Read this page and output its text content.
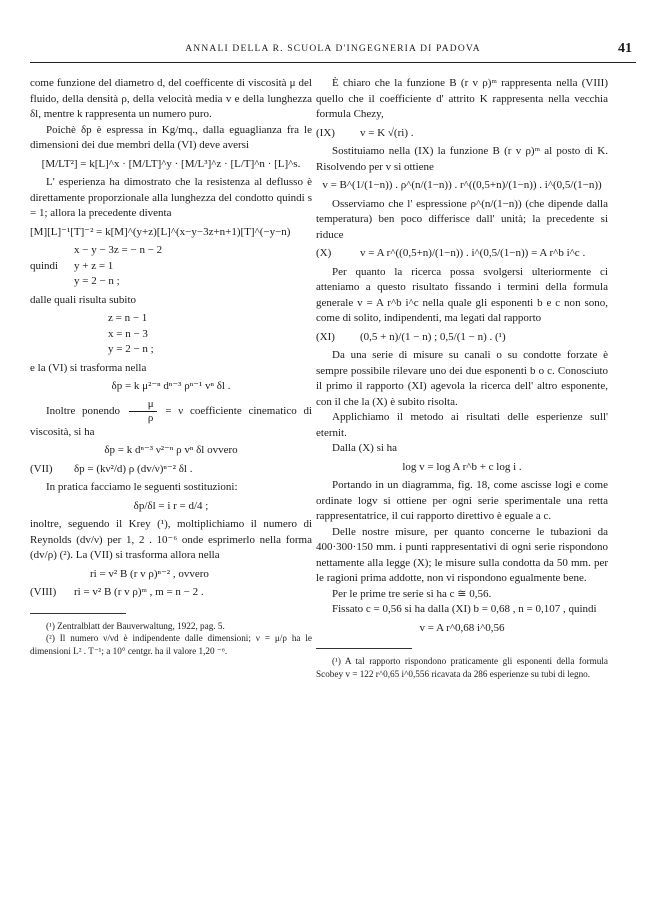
ANNALI DELLA R. SCUOLA D'INGEGNERIA DI PADOVA	41

come funzione del diametro d, del coefficente di viscosità μ del fluido, della densità ρ, della velocità media v e della lunghezza δl, mentre k rappresenta un numero puro.

Poichè δp è espressa in Kg/mq., dalla eguaglianza fra le dimensioni dei due membri della (VI) deve aversi

[M/LT²] = k[L]^x · [M/LT]^y · [M/L³]^z · [L/T]^n · [L]^s.

L' esperienza ha dimostrato che la resistenza al deflusso è direttamente proporzionale alla lunghezza del condotto quindi s = 1; allora la precedente diventa

[M][L]⁻¹[T]⁻² = k[M]^(y+z)[L]^(x−y−3z+n+1)[T]^(−y−n)
quindi
x − y − 3z = − n − 2
y + z = 1
y = 2 − n ;

dalle quali risulta subito

z = n − 1
x = n − 3
y = 2 − n ;

e la (VI) si trasforma nella

δp = k μ²⁻ⁿ dⁿ⁻³ ρⁿ⁻¹ vⁿ δl .

Inoltre ponendo $\frac{\mu}{\rho} = \nu$ coefficiente cinematico di viscosità, si ha

δp = k dⁿ⁻³ ν²⁻ⁿ ρ vⁿ δl ovvero
(VII)	δp = (kν²/d) ρ (dv/ν)ⁿ⁻² δl .

In pratica facciamo le seguenti sostituzioni:

δp/δl = i r = d/4 ;

inoltre, seguendo il Krey (¹), moltiplichiamo il numero di Reynolds (dv/ν) per 1, 2 . 10⁻⁶ onde esprimerlo nella forma (dv/ρ) (²). La (VII) si trasforma allora nella

ri = v² B (r v ρ)ⁿ⁻² , ovvero
(VIII)	ri = v² B (r v ρ)ᵐ , m = n − 2 .

(¹) Zentralblatt der Bauverwaltung, 1922, pag. 5.

(²) Il numero ν/νd è indipendente dalle dimensioni; ν = μ/ρ ha le dimensioni L² . T⁻¹; a 10° centgr. ha il valore 1,20 ⁻⁶.

È chiaro che la funzione B (r v ρ)ᵐ rappresenta nella (VIII) quello che il coefficiente d' attrito K rappresenta nella vecchia formula Chezy,

(IX)	v = K √(ri) .

Sostituiamo nella (IX) la funzione B (r v ρ)ᵐ al posto di K. Risolvendo per v si ottiene

v = B^(1/(1−n)) . ρ^(n/(1−n)) . r^((0,5+n)/(1−n)) . i^(0,5/(1−n))

Osserviamo che l' espressione ρ^(n/(1−n)) (che dipende dalla temperatura) ben poco differisce dall' unità; la precedente si riduce

(X)	v = A r^((0,5+n)/(1−n)) . i^(0,5/(1−n)) = A r^b i^c .

Per quanto la ricerca possa svolgersi ulteriormente ci atteniamo a questo risultato fissando i termini della formula generale v = A r^b i^c nella quale gli esponenti b e c non sono, come di solito, indipendenti, ma legati dal rapporto

(XI)	(0,5 + n)/(1 − n) ; 0,5/(1 − n) . (¹)

Da una serie di misure su canali o su condotte forzate è sempre possibile rilevare uno dei due esponenti b o c. Conosciuto il primo il rapporto (XI) agevola la ricerca dell' altro esponente, con il che la (X) è subito risolta.

Applichiamo il metodo ai risultati delle esperienze sull' eternit.

Dalla (X) si ha

log v = log A r^b + c log i .

Portando in un diagramma, fig. 18, come ascisse logi e come ordinate logv si ottiene per ogni serie sperimentale una retta rappresentatrice, il cui rapporto direttivo è eguale a c.

Delle nostre misure, per quanto concerne le tubazioni da 400·300·150 mm. i punti rappresentativi di ogni serie rispondono nettamente alla legge (X); le misure sulla condotta da 50 mm. per le ragioni prima addotte, non vi rispondono egualmente bene.

Per le prime tre serie si ha c ≅ 0,56.

Fissato c = 0,56 si ha dalla (XI) b = 0,68 , n = 0,107 , quindi

v = A r^0,68 i^0,56

(¹) A tal rapporto rispondono praticamente gli esponenti della formula Scobey v = 122 r^0,65 i^0,556 ricavata da 286 esperienze su tubi di legno.
